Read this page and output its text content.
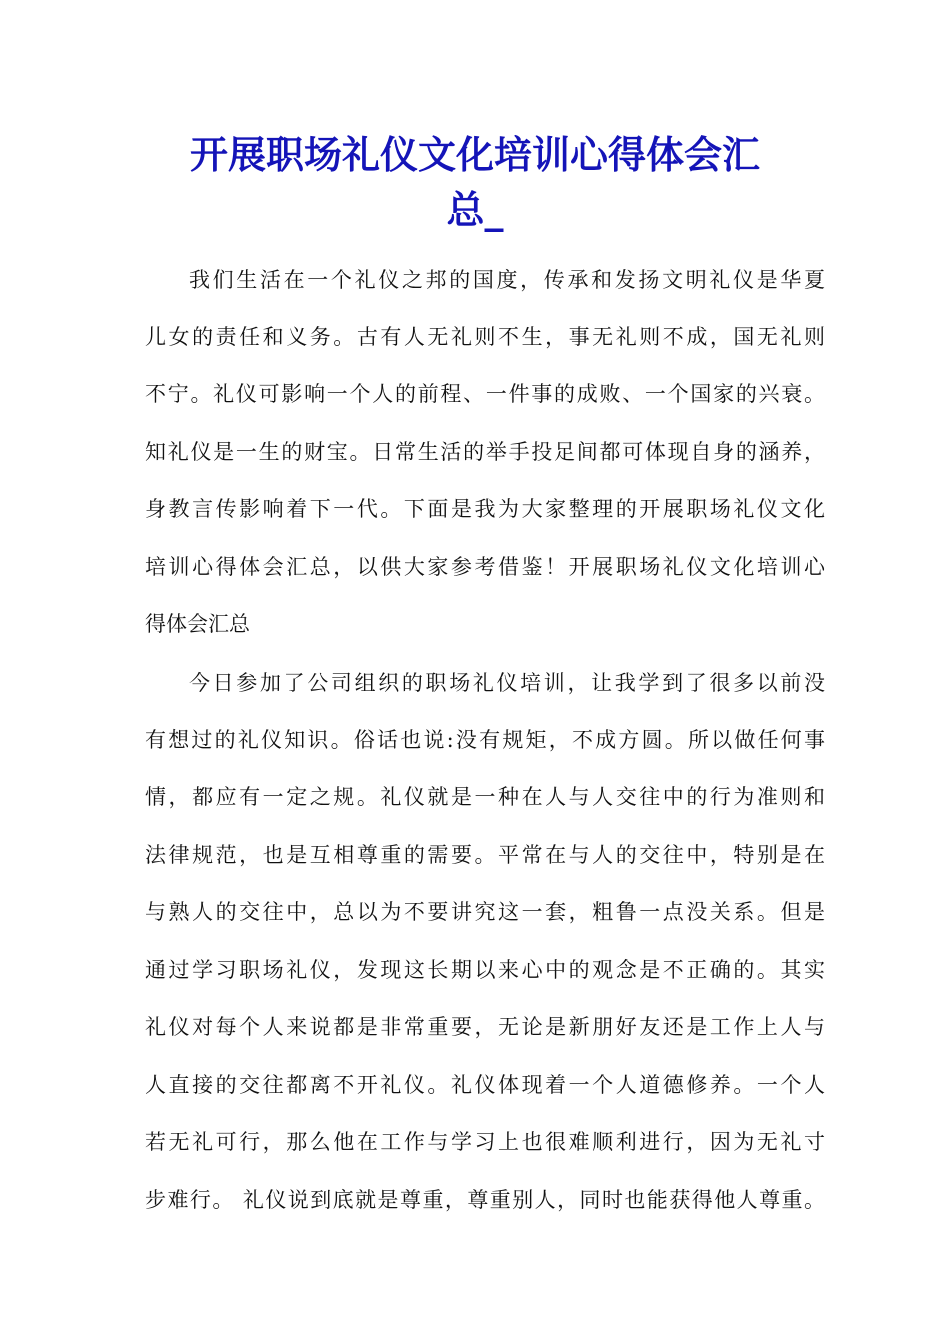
开展职场礼仪文化培训心得体会汇
总_
我们生活在一个礼仪之邦的国度，传承和发扬文明礼仪是华夏
儿女的责任和义务。古有人无礼则不生，事无礼则不成，国无礼则
不宁。礼仪可影响一个人的前程、一件事的成败、一个国家的兴衰。
知礼仪是一生的财宝。日常生活的举手投足间都可体现自身的涵养，
身教言传影响着下一代。下面是我为大家整理的开展职场礼仪文化
培训心得体会汇总，以供大家参考借鉴！开展职场礼仪文化培训心
得体会汇总
今日参加了公司组织的职场礼仪培训，让我学到了很多以前没
有想过的礼仪知识。俗话也说:没有规矩，不成方圆。所以做任何事
情，都应有一定之规。礼仪就是一种在人与人交往中的行为准则和
法律规范，也是互相尊重的需要。平常在与人的交往中，特别是在
与熟人的交往中，总以为不要讲究这一套，粗鲁一点没关系。但是
通过学习职场礼仪，发现这长期以来心中的观念是不正确的。其实
礼仪对每个人来说都是非常重要，无论是新朋好友还是工作上人与
人直接的交往都离不开礼仪。礼仪体现着一个人道德修养。一个人
若无礼可行，那么他在工作与学习上也很难顺利进行，因为无礼寸
步难行。 礼仪说到底就是尊重，尊重别人，同时也能获得他人尊重。
